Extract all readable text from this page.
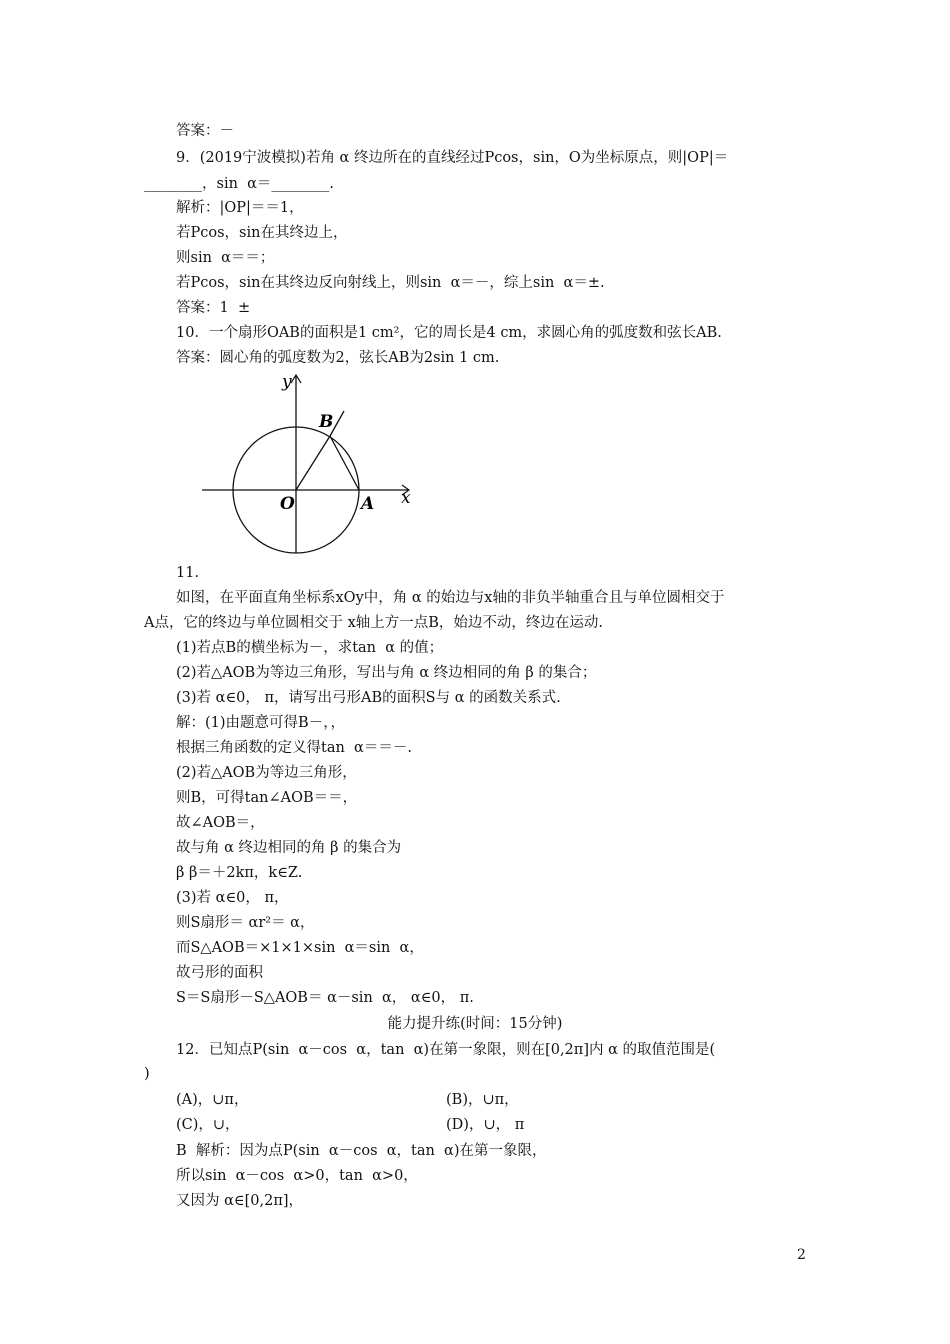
答案：－
9．(2019宁波模拟)若角 α 终边所在的直线经过Pcos，sin，O为坐标原点，则|OP|＝
________，sin  α＝________.
解析：|OP|＝＝1，
若Pcos，sin在其终边上，
则sin  α＝＝；
若Pcos，sin在其终边反向射线上，则sin  α＝－，综上sin  α＝±.
答案：1  ±
10．一个扇形OAB的面积是1 cm²，它的周长是4 cm，求圆心角的弧度数和弦长AB.
答案：圆心角的弧度数为2，弦长AB为2sin 1 cm.
y
x
O	A
B
11.
如图，在平面直角坐标系xOy中，角 α 的始边与x轴的非负半轴重合且与单位圆相交于
A点，它的终边与单位圆相交于 x轴上方一点B，始边不动，终边在运动.
(1)若点B的横坐标为－，求tan  α 的值；
(2)若△AOB为等边三角形，写出与角 α 终边相同的角 β 的集合；
(3)若 α∈0， π，请写出弓形AB的面积S与 α 的函数关系式.
解：(1)由题意可得B－，，
根据三角函数的定义得tan  α＝＝－.
(2)若△AOB为等边三角形，
则B，可得tan∠AOB＝＝，
故∠AOB＝，
故与角 α 终边相同的角 β 的集合为
β β＝＋2kπ，k∈Z.
(3)若 α∈0， π，
则S扇形＝ αr²＝ α，
而S△AOB＝×1×1×sin  α＝sin  α，
故弓形的面积
S＝S扇形－S△AOB＝ α－sin  α， α∈0， π.
能力提升练(时间：15分钟)
12．已知点P(sin  α－cos  α，tan  α)在第一象限，则在[0,2π]内 α 的取值范围是(
)
(A)，∪π，	(B)，∪π，
(C)，∪，	(D)，∪， π
B  解析：因为点P(sin  α－cos  α，tan  α)在第一象限，
所以sin  α－cos  α>0，tan  α>0，
又因为 α∈[0,2π]，
2
